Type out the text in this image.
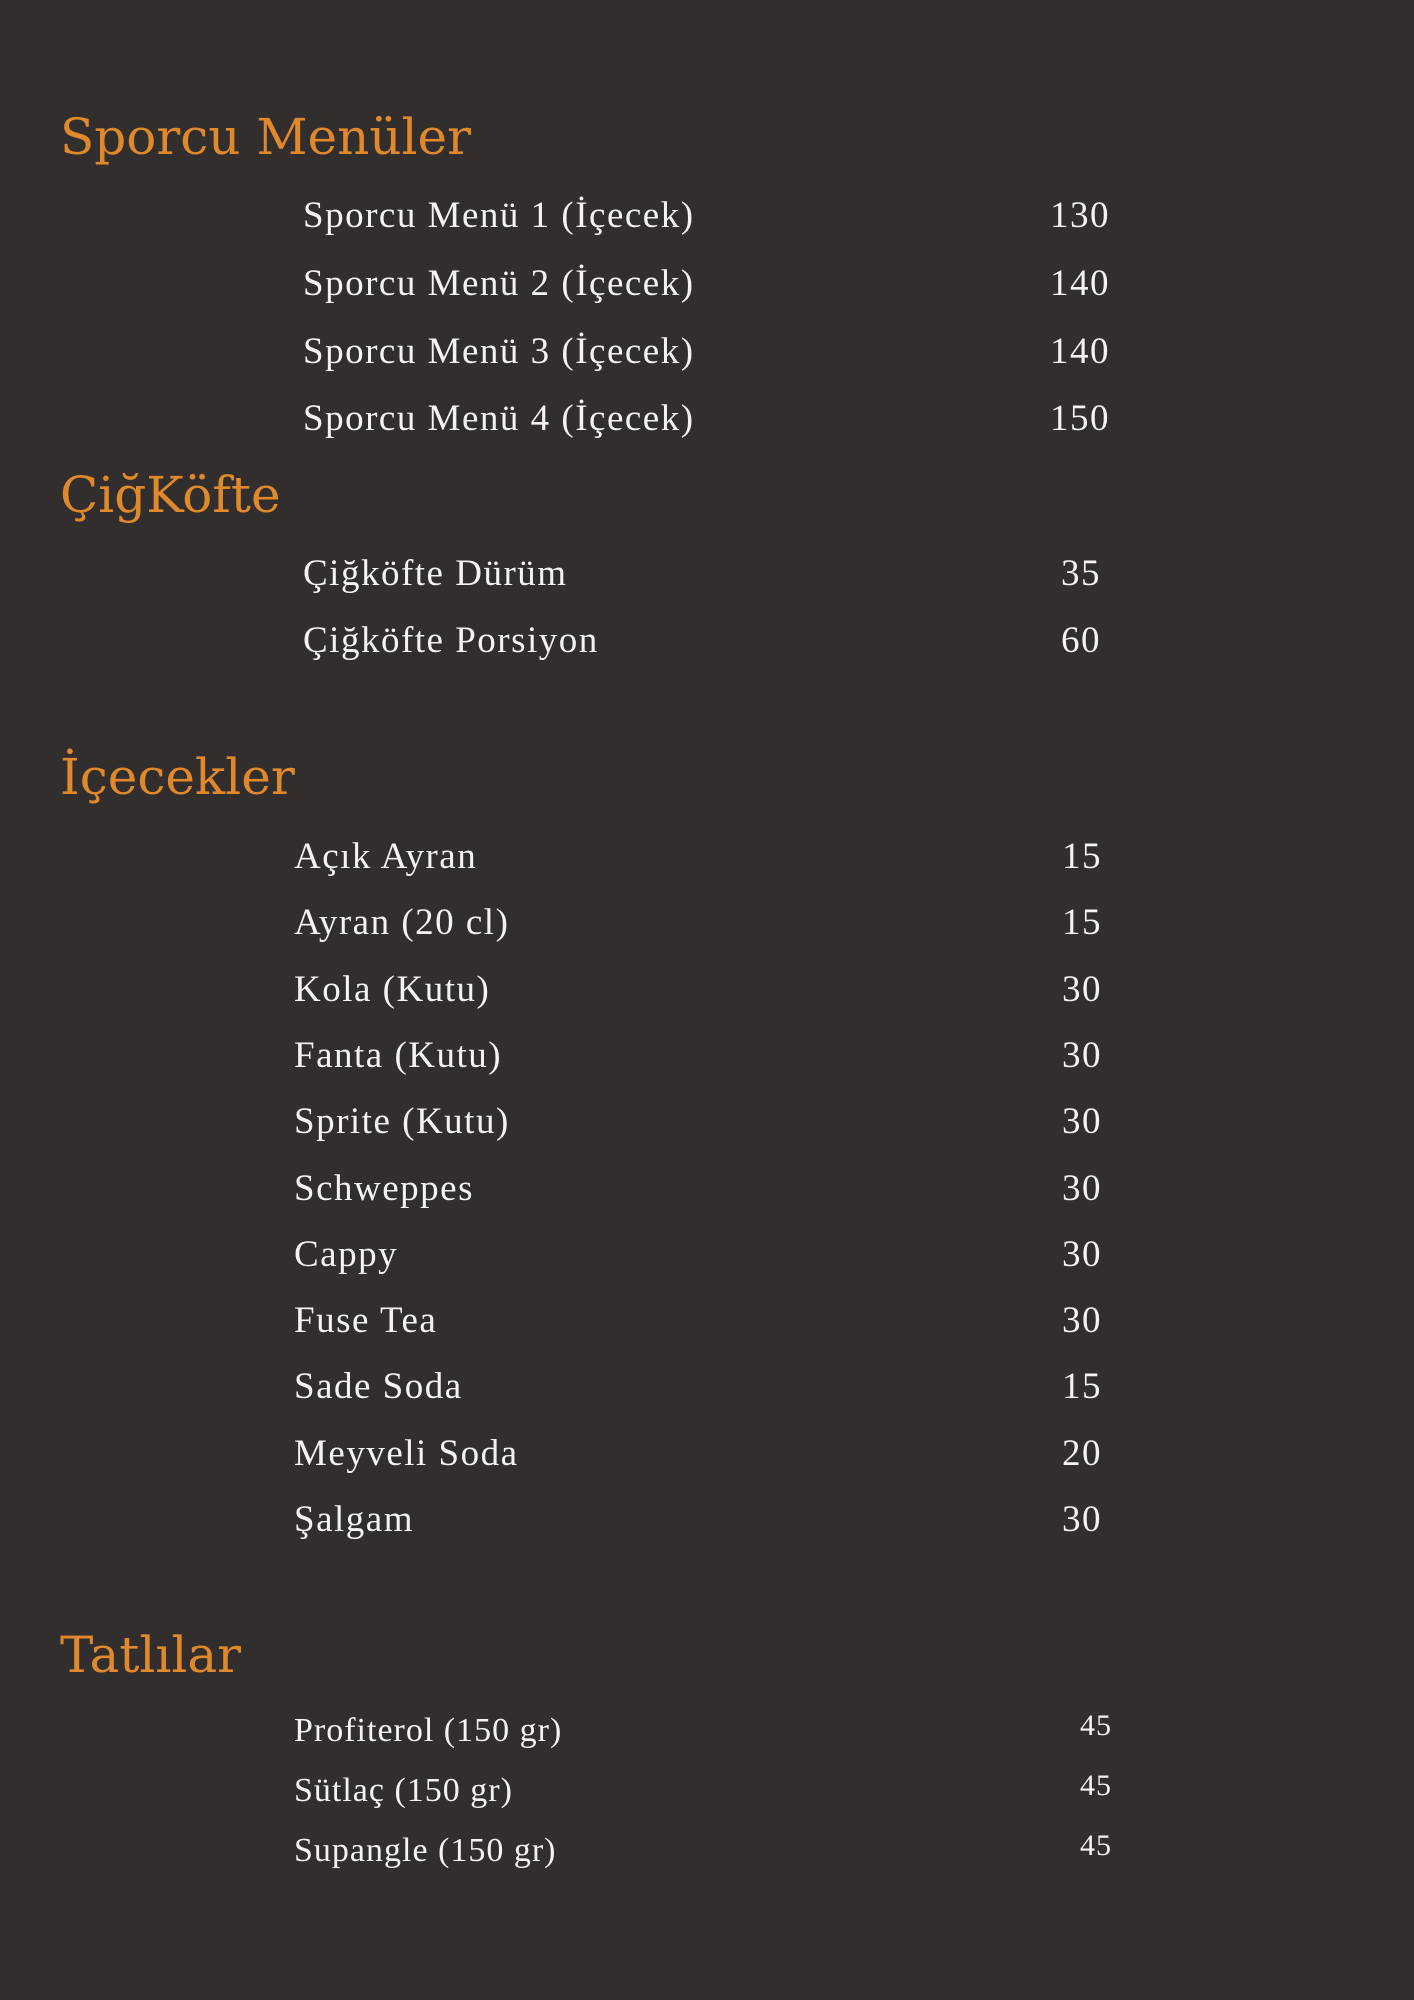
Sporcu Menüler
Sporcu Menü 1 (İçecek)	130
Sporcu Menü 2 (İçecek)	140
Sporcu Menü 3 (İçecek)	140
Sporcu Menü 4 (İçecek)	150
ÇiğKöfte
Çiğköfte Dürüm	35
Çiğköfte Porsiyon	60
İçecekler
Açık Ayran	15
Ayran (20 cl)	15
Kola (Kutu)	30
Fanta (Kutu)	30
Sprite (Kutu)	30
Schweppes	30
Cappy	30
Fuse Tea	30
Sade Soda	15
Meyveli Soda	20
Şalgam	30
Tatlılar
Profiterol (150 gr)	45
Sütlaç (150 gr)	45
Supangle (150 gr)	45
